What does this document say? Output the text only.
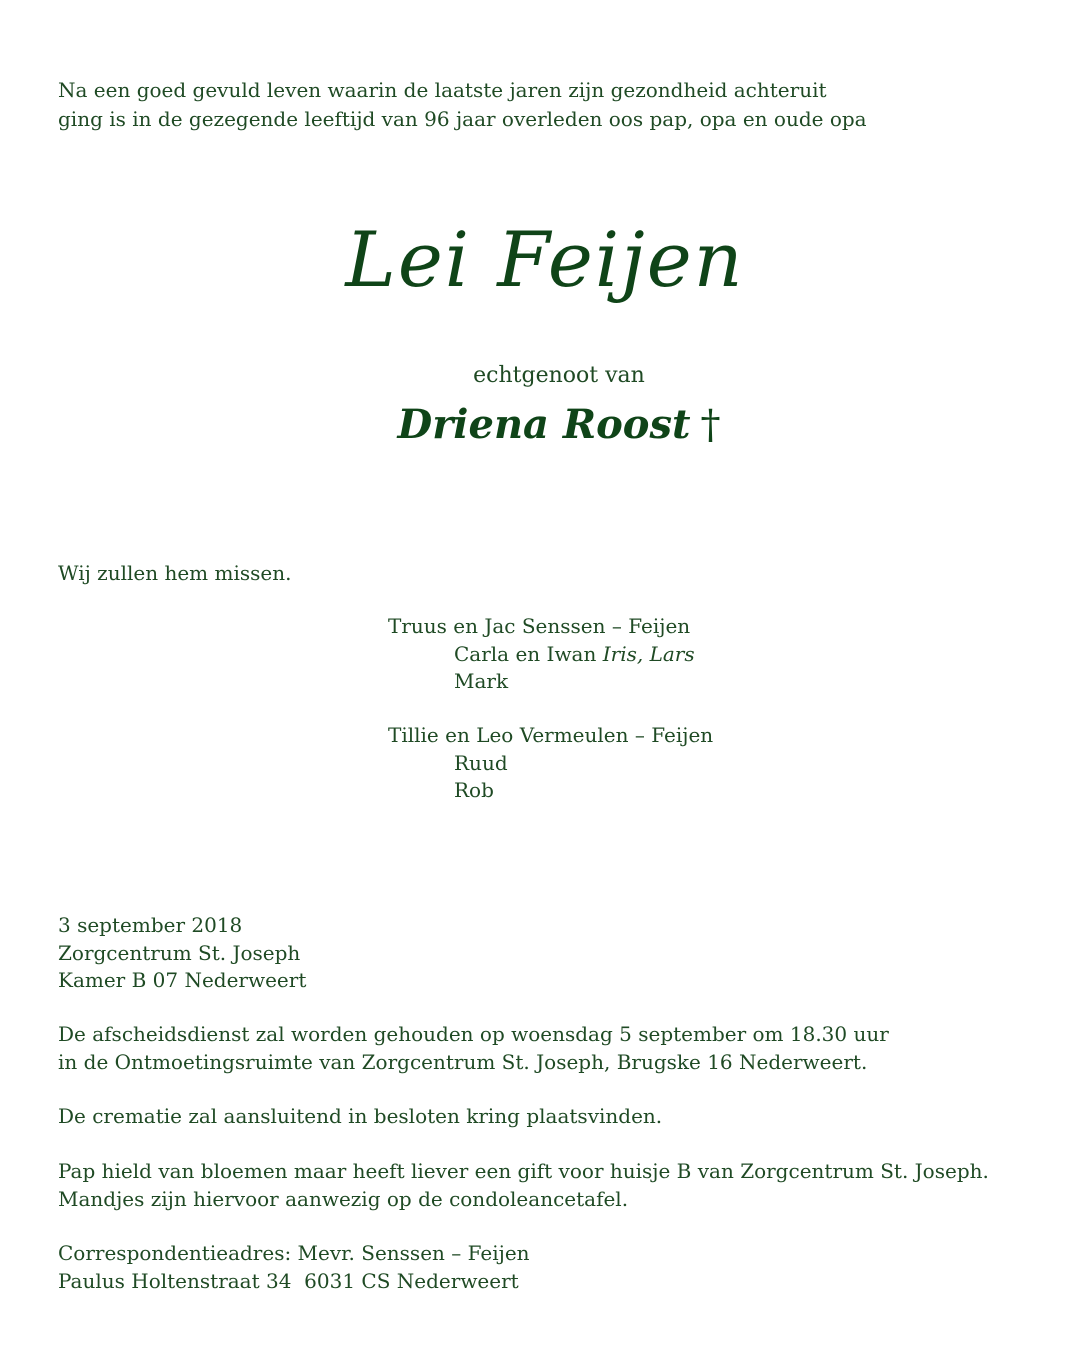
Na een goed gevuld leven waarin de laatste jaren zijn gezondheid achteruit
ging is in de gezegende leeftijd van 96 jaar overleden oos pap, opa en oude opa
Lei Feijen
echtgenoot van
Driena Roost †
Wij zullen hem missen.
Truus en Jac Senssen – Feijen
Carla en Iwan Iris, Lars
Mark
Tillie en Leo Vermeulen – Feijen
Ruud
Rob
3 september 2018
Zorgcentrum St. Joseph
Kamer B 07 Nederweert
De afscheidsdienst zal worden gehouden op woensdag 5 september om 18.30 uur
in de Ontmoetingsruimte van Zorgcentrum St. Joseph, Brugske 16 Nederweert.
De crematie zal aansluitend in besloten kring plaatsvinden.
Pap hield van bloemen maar heeft liever een gift voor huisje B van Zorgcentrum St. Joseph.
Mandjes zijn hiervoor aanwezig op de condoleancetafel.
Correspondentieadres: Mevr. Senssen – Feijen
Paulus Holtenstraat 34  6031 CS Nederweert
